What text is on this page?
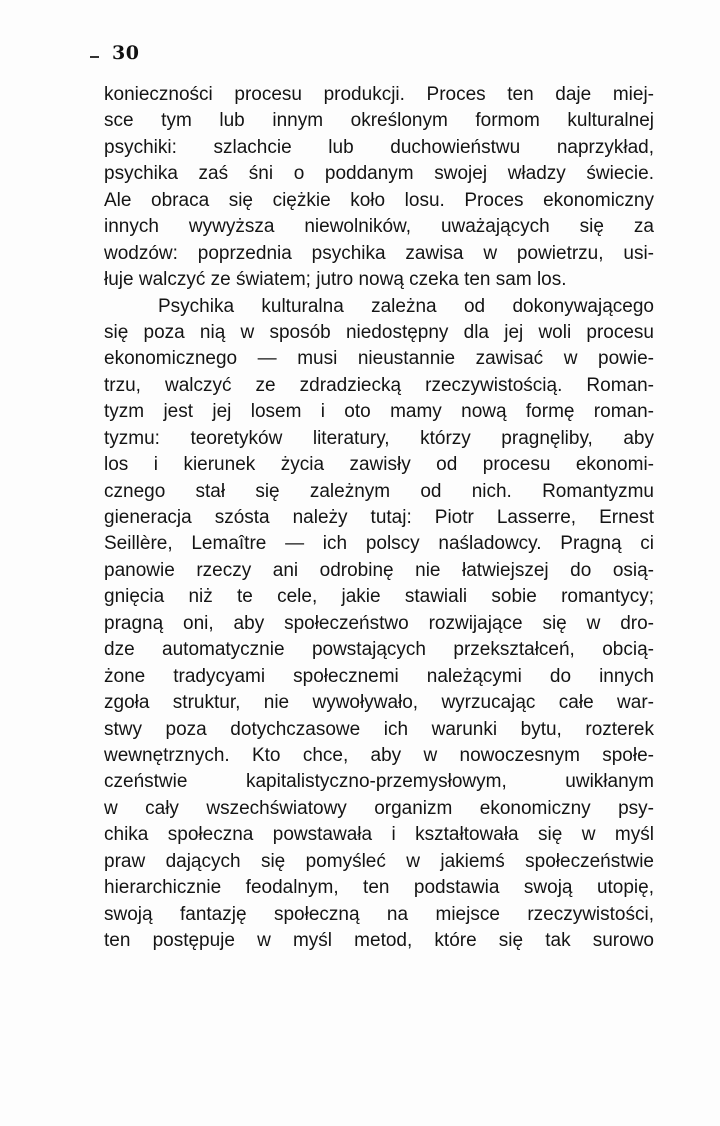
30
konieczności procesu produkcji. Proces ten daje miej-
sce tym lub innym określonym formom kulturalnej
psychiki: szlachcie lub duchowieństwu naprzykład,
psychika zaś śni o poddanym swojej władzy świecie.
Ale obraca się ciężkie koło losu. Proces ekonomiczny
innych wywyższa niewolników, uważających się za
wodzów: poprzednia psychika zawisa w powietrzu, usi-
łuje walczyć ze światem; jutro nową czeka ten sam los.
Psychika kulturalna zależna od dokonywającego
się poza nią w sposób niedostępny dla jej woli procesu
ekonomicznego — musi nieustannie zawisać w powie-
trzu, walczyć ze zdradziecką rzeczywistością. Roman-
tyzm jest jej losem i oto mamy nową formę roman-
tyzmu: teoretyków literatury, którzy pragnęliby, aby
los i kierunek życia zawisły od procesu ekonomi-
cznego stał się zależnym od nich. Romantyzmu
gieneracja szósta należy tutaj: Piotr Lasserre, Ernest
Seillère, Lemaître — ich polscy naśladowcy. Pragną ci
panowie rzeczy ani odrobinę nie łatwiejszej do osią-
gnięcia niż te cele, jakie stawiali sobie romantycy;
pragną oni, aby społeczeństwo rozwijające się w dro-
dze automatycznie powstających przekształceń, obcią-
żone tradycyami społecznemi należącymi do innych
zgoła struktur, nie wywoływało, wyrzucając całe war-
stwy poza dotychczasowe ich warunki bytu, rozterek
wewnętrznych. Kto chce, aby w nowoczesnym społe-
czeństwie kapitalistyczno-przemysłowym, uwikłanym
w cały wszechświatowy organizm ekonomiczny psy-
chika społeczna powstawała i kształtowała się w myśl
praw dających się pomyśleć w jakiemś społeczeństwie
hierarchicznie feodalnym, ten podstawia swoją utopię,
swoją fantazję społeczną na miejsce rzeczywistości,
ten postępuje w myśl metod, które się tak surowo
